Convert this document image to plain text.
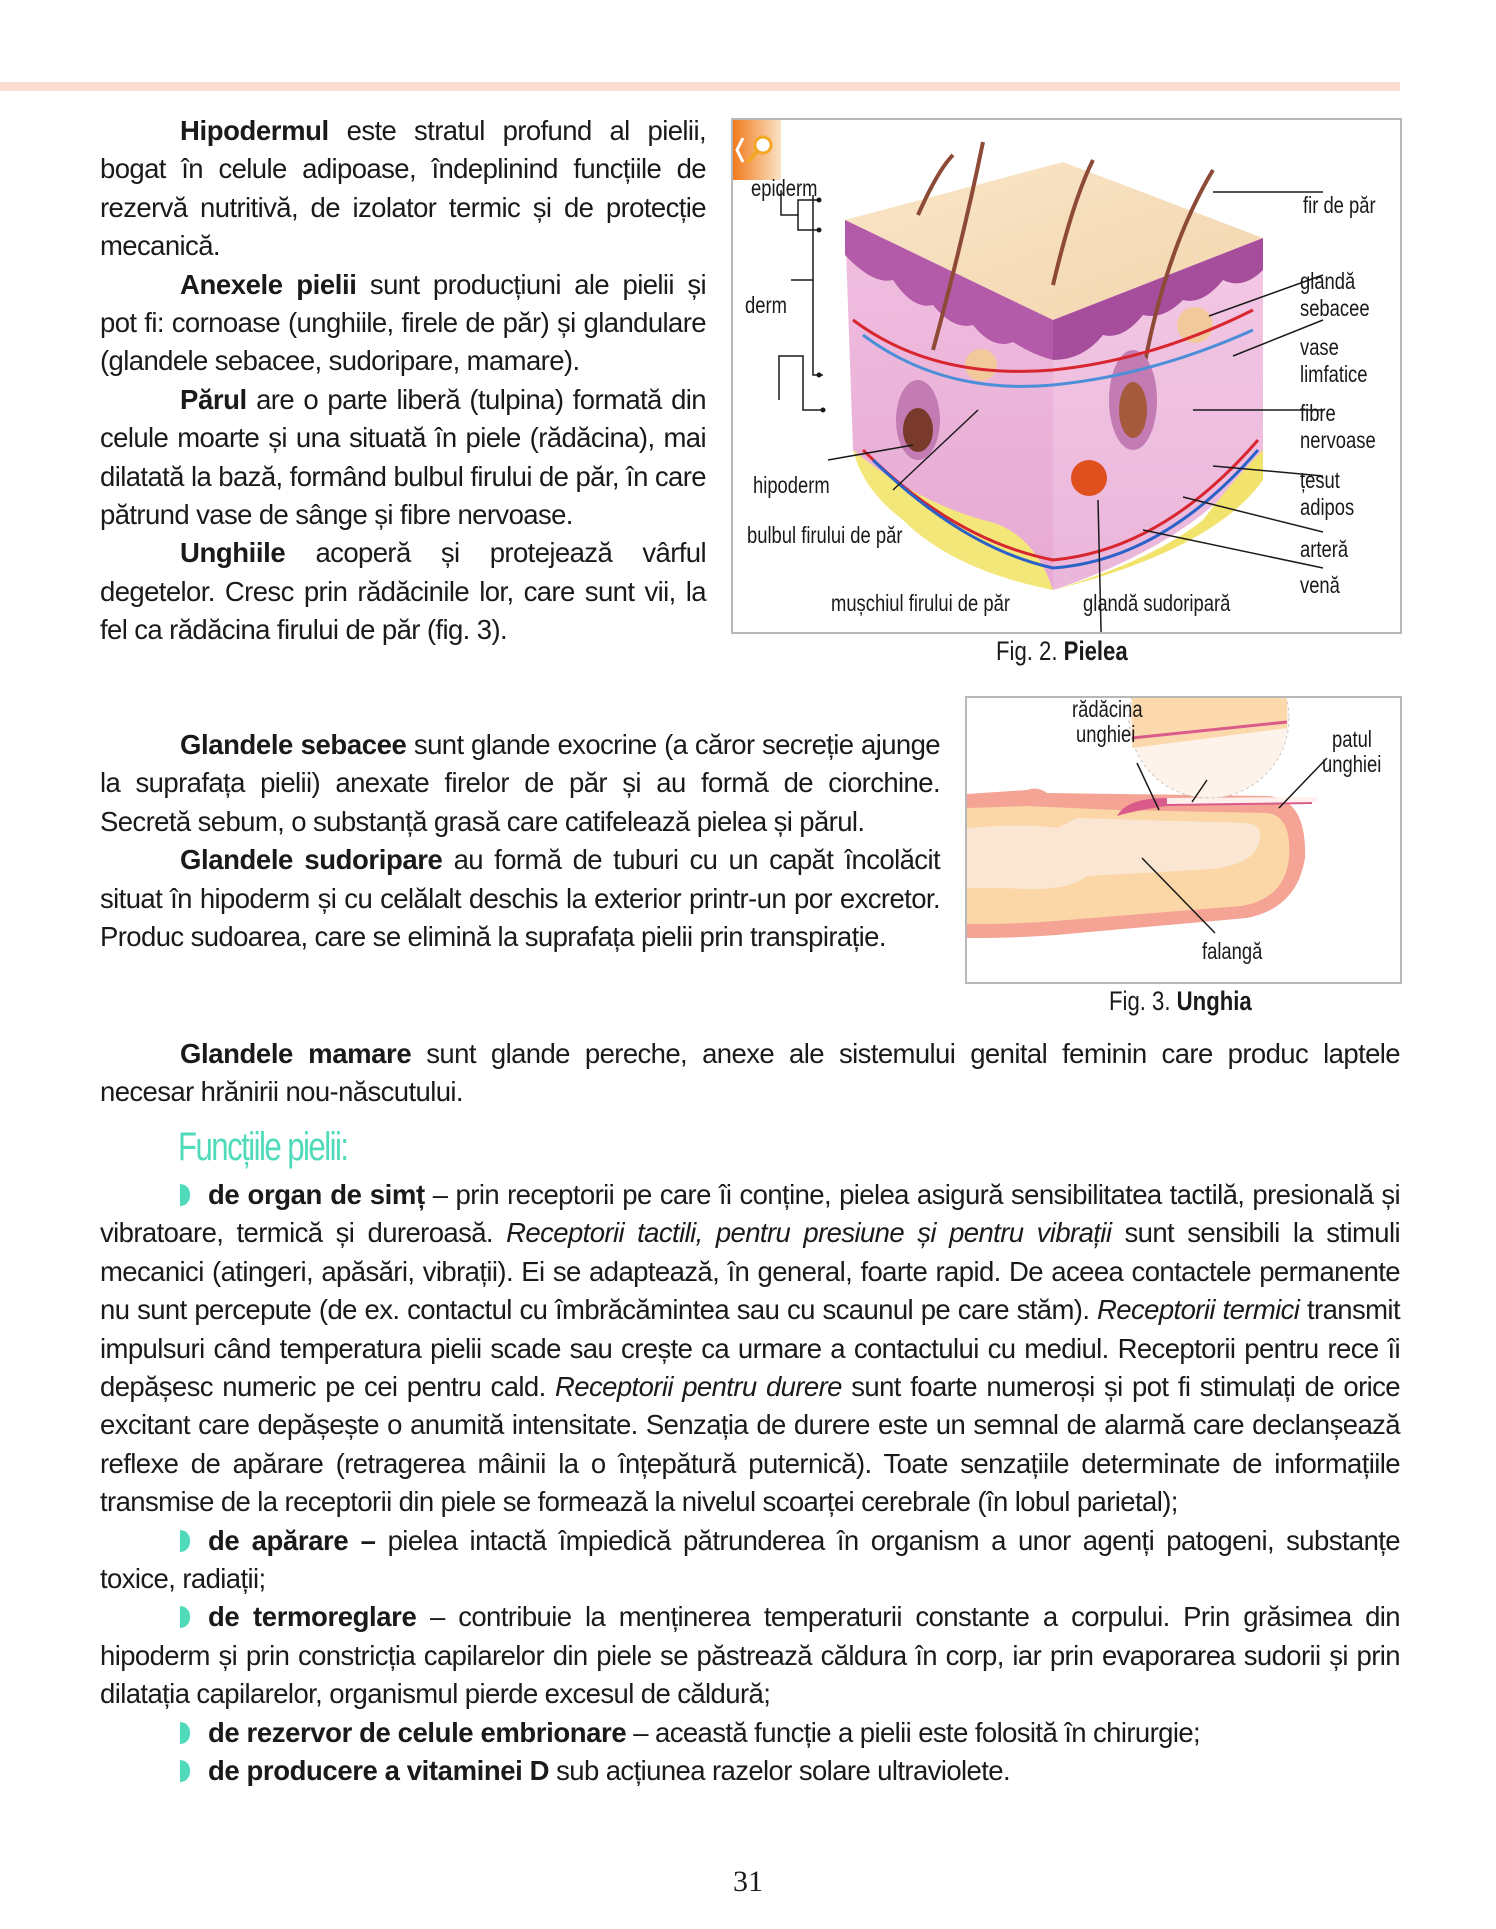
Hipodermul este stratul profund al pielii, bogat în celule adipoase, îndeplinind funcțiile de rezervă nutritivă, de izolator termic și de protecție mecanică.

Anexele pielii sunt producțiuni ale pielii și pot fi: cornoase (unghiile, firele de păr) și glandulare (glandele sebacee, sudoripare, mamare).

Părul are o parte liberă (tulpina) formată din celule moarte și una situată în piele (rădăcina), mai dilatată la bază, formând bulbul firului de păr, în care pătrund vase de sânge și fibre nervoase.

Unghiile acoperă și protejează vârful degetelor. Cresc prin rădăcinile lor, care sunt vii, la fel ca rădăcina firului de păr (fig. 3).

Glandele sebacee sunt glande exocrine (a căror secreție ajunge la suprafața pielii) anexate firelor de păr și au formă de ciorchine. Secretă sebum, o substanță grasă care catifelează pielea și părul.

Glandele sudoripare au formă de tuburi cu un capăt încolăcit situat în hipoderm și cu celălalt deschis la exterior printr-un por excretor. Produc sudoarea, care se elimină la suprafața pielii prin transpirație.

Glandele mamare sunt glande pereche, anexe ale sistemului genital feminin care produc laptele necesar hrănirii nou-născutului.

epiderm
derm
hipoderm
bulbul firului de păr
mușchiul firului de păr	glandă sudoripară
fir de păr
glandă
sebacee
vase
limfatice
fibre
nervoase
țesut
adipos
arteră
venă
Fig. 2. Pielea
rădăcina
unghiei	patul
unghiei
falangă
Fig. 3. Unghia
Funcțiile pielii:

de organ de simț – prin receptorii pe care îi conține, pielea asigură sensibilitatea tactilă, presională și vibratoare, termică și dureroasă. Receptorii tactili, pentru presiune și pentru vibrații sunt sensibili la stimuli mecanici (atingeri, apăsări, vibrații). Ei se adaptează, în general, foarte rapid. De aceea contactele permanente nu sunt percepute (de ex. contactul cu îmbrăcămintea sau cu scaunul pe care stăm). Receptorii termici transmit impulsuri când temperatura pielii scade sau crește ca urmare a contactului cu mediul. Receptorii pentru rece îi depășesc numeric pe cei pentru cald. Receptorii pentru durere sunt foarte numeroși și pot fi stimulați de orice excitant care depășește o anumită intensitate. Senzația de durere este un semnal de alarmă care declanșează reflexe de apărare (retragerea mâinii la o înțepătură puternică). Toate senzațiile determinate de informațiile transmise de la receptorii din piele se formează la nivelul scoarței cerebrale (în lobul parietal);

de apărare – pielea intactă împiedică pătrunderea în organism a unor agenți patogeni, substanțe toxice, radiații;

de termoreglare – contribuie la menținerea temperaturii constante a corpului. Prin grăsimea din hipoderm și prin constricția capilarelor din piele se păstrează căldura în corp, iar prin evaporarea sudorii și prin dilatația capilarelor, organismul pierde excesul de căldură;

de rezervor de celule embrionare – această funcție a pielii este folosită în chirurgie;

de producere a vitaminei D sub acțiunea razelor solare ultraviolete.

31
